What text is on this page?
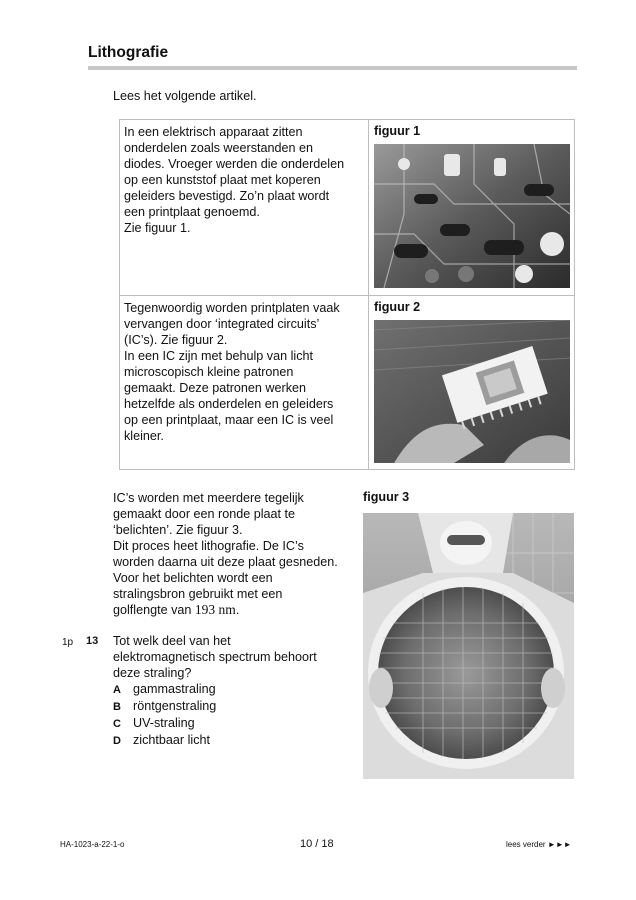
Lithografie
Lees het volgende artikel.
In een elektrisch apparaat zitten
onderdelen zoals weerstanden en
diodes. Vroeger werden die onderdelen
op een kunststof plaat met koperen
geleiders bevestigd. Zo’n plaat wordt
een printplaat genoemd.
Zie figuur 1.
figuur 1
Tegenwoordig worden printplaten vaak
vervangen door ‘integrated circuits’
(IC’s). Zie figuur 2.
In een IC zijn met behulp van licht
microscopisch kleine patronen
gemaakt. Deze patronen werken
hetzelfde als onderdelen en geleiders
op een printplaat, maar een IC is veel
kleiner.
figuur 2
IC’s worden met meerdere tegelijk
gemaakt door een ronde plaat te
‘belichten’. Zie figuur 3.
Dit proces heet lithografie. De IC’s
worden daarna uit deze plaat gesneden.
Voor het belichten wordt een
stralingsbron gebruikt met een
golflengte van 193 nm.
figuur 3
1p 13 Tot welk deel van het
elektromagnetisch spectrum behoort
deze straling?
A gammastraling
B röntgenstraling
C UV-straling
D zichtbaar licht
HA-1023-a-22-1-o	10 / 18	lees verder ►►►
